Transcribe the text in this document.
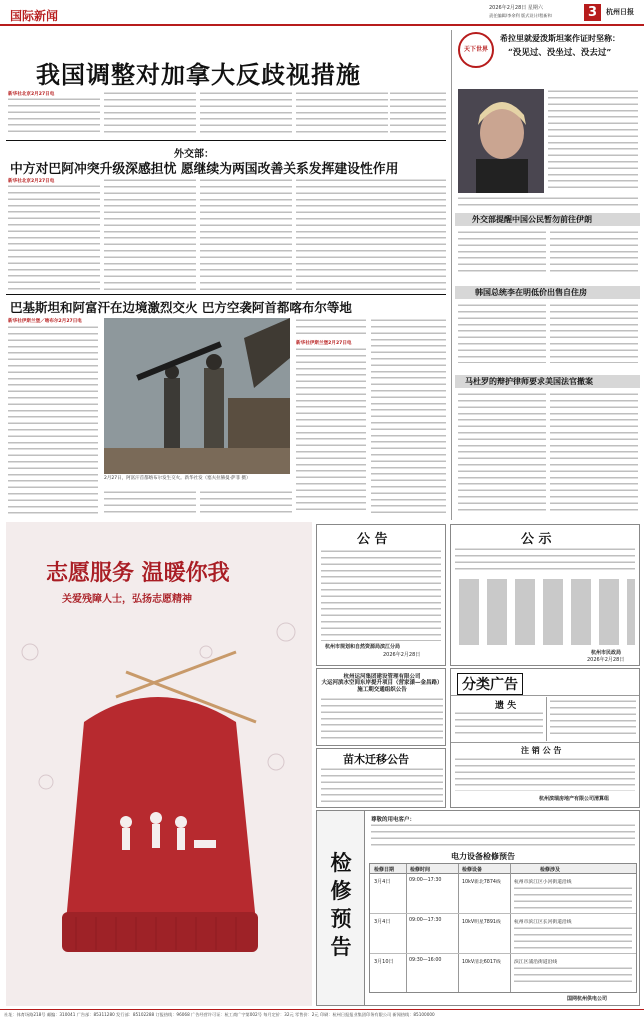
国际新闻
2026年2月28日 星期六
责任编辑/李余利 版式设计/程新和	3	杭州日报
我国调整对加拿大反歧视措施
新华社北京2月27日电
外交部：
中方对巴阿冲突升级深感担忧 愿继续为两国改善关系发挥建设性作用
新华社北京2月27日电
巴基斯坦和阿富汗在边境激烈交火 巴方空袭阿首都喀布尔等地
新华社伊斯兰堡／喀布尔2月27日电
2月27日，阿富汗首都喀布尔发生交火。新华社发（塞夫拉赫曼·萨菲 摄）
新华社伊斯兰堡2月27日电
天下世界
希拉里就爱泼斯坦案作证时坚称：
“没见过、没坐过、没去过”
外交部提醒中国公民暂勿前往伊朗
韩国总统李在明低价出售自住房
马杜罗的辩护律师要求美国法官撤案
志愿服务 温暖你我
关爱残障人士，弘扬志愿精神
公 告
杭州市规划和自然资源局滨江分局
2026年2月28日
公 示
杭州市民政局
2026年2月28日
杭州运河集团建设管理有限公司
大运河滨水空间东岸提升项目（营家漾—金昌路）施工期交通组织公告
苗木迁移公告
分类广告
遗 失
注 销 公 告
杭州滨瑞房地产有限公司清算组
检修预告
尊敬的用电客户：
电力设备检修预告
检修日期	检修时间	检修设备	检修涉及
3月4日	09:00—17:30	10kV新北7874线	杭州市滨江区小河街道沿线
3月4日	09:00—17:30	10kV明星7891线	杭州市滨江区长河街道沿线
3月10日	09:30—16:00	10kV清北6017线	滨江区浦沿街道沿线
国网杭州供电公司
社址：体育场路218号 邮编：310041 广告部：85311280 发行部：85102288 订报热线：96068 广告经营许可证：杭工商广字第002号 每月定价：32元 零售价：2元 印刷：杭州日报报业集团印务有限公司 新闻热线：85100000
